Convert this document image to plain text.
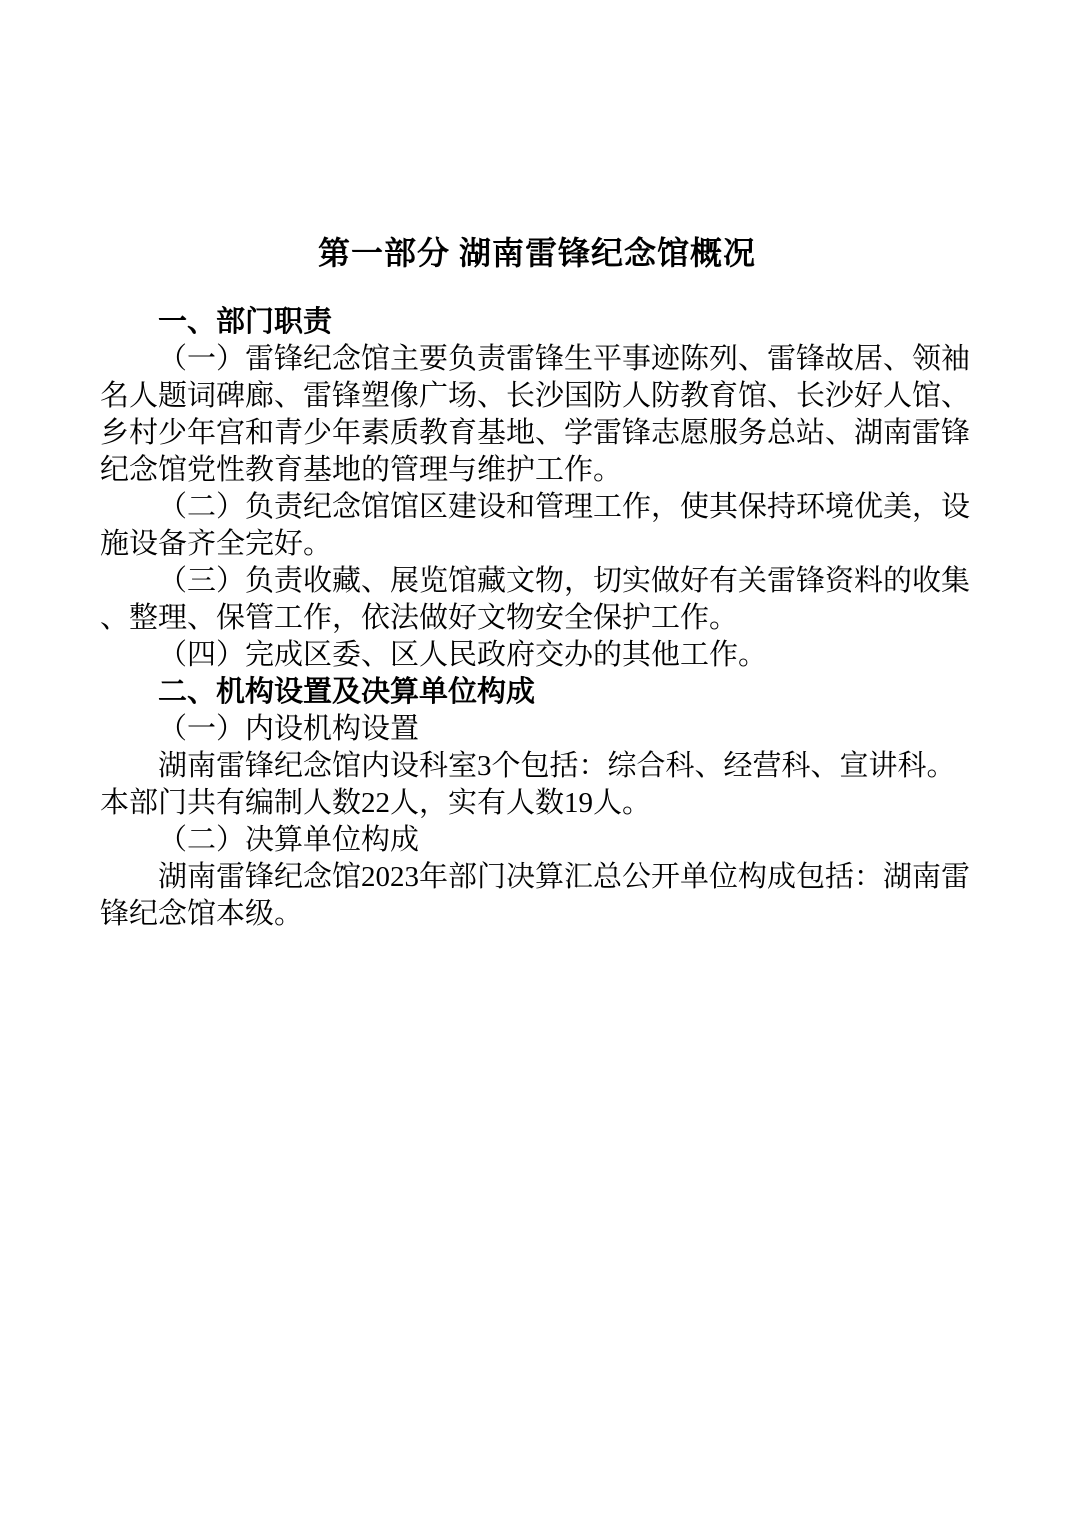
第一部分 湖南雷锋纪念馆概况
一、部门职责
（一）雷锋纪念馆主要负责雷锋生平事迹陈列、雷锋故居、领袖
名人题词碑廊、雷锋塑像广场、长沙国防人防教育馆、长沙好人馆、
乡村少年宫和青少年素质教育基地、学雷锋志愿服务总站、湖南雷锋
纪念馆党性教育基地的管理与维护工作。
（二）负责纪念馆馆区建设和管理工作，使其保持环境优美，设
施设备齐全完好。
（三）负责收藏、展览馆藏文物，切实做好有关雷锋资料的收集
、整理、保管工作，依法做好文物安全保护工作。
（四）完成区委、区人民政府交办的其他工作。
二、机构设置及决算单位构成
（一）内设机构设置
湖南雷锋纪念馆内设科室3个包括：综合科、经营科、宣讲科。
本部门共有编制人数22人，实有人数19人。
（二）决算单位构成
湖南雷锋纪念馆2023年部门决算汇总公开单位构成包括：湖南雷
锋纪念馆本级。
